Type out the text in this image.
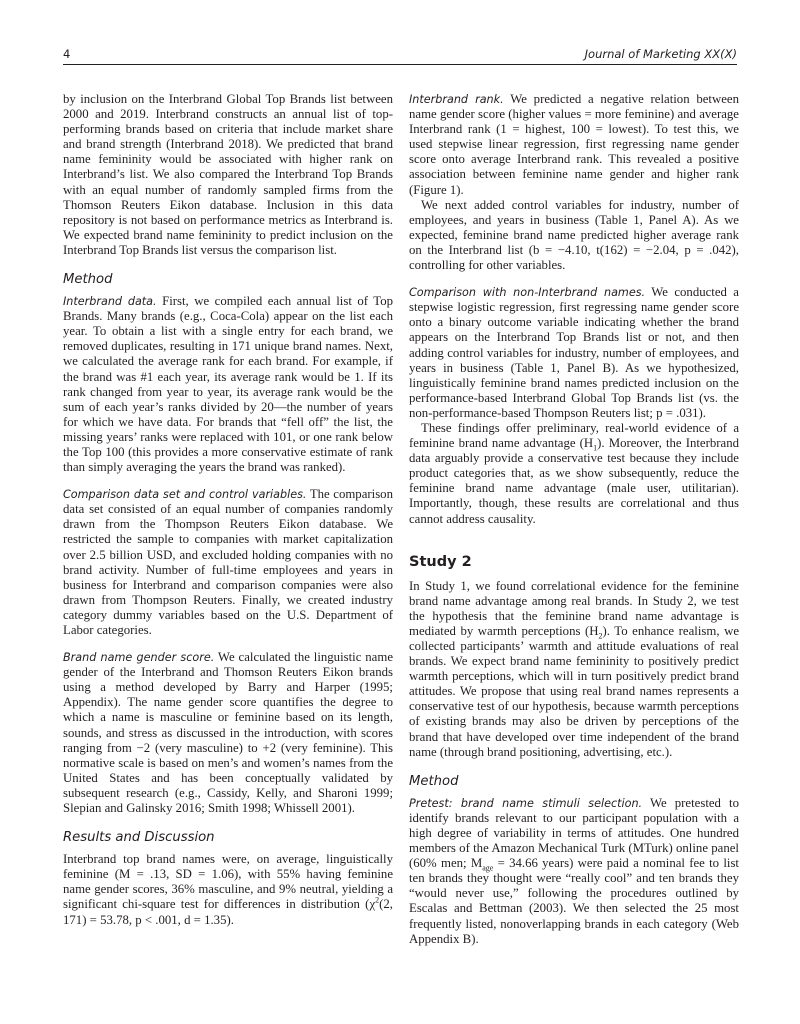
4	Journal of Marketing XX(X)

by inclusion on the Interbrand Global Top Brands list between 2000 and 2019. Interbrand constructs an annual list of top-performing brands based on criteria that include market share and brand strength (Interbrand 2018). We predicted that brand name femininity would be associated with higher rank on Interbrand’s list. We also compared the Interbrand Top Brands with an equal number of randomly sampled firms from the Thomson Reuters Eikon database. Inclusion in this data repository is not based on performance metrics as Interbrand is. We expected brand name femininity to predict inclusion on the Interbrand Top Brands list versus the comparison list.

Method

Interbrand data. First, we compiled each annual list of Top Brands. Many brands (e.g., Coca-Cola) appear on the list each year. To obtain a list with a single entry for each brand, we removed duplicates, resulting in 171 unique brand names. Next, we calculated the average rank for each brand. For example, if the brand was #1 each year, its average rank would be 1. If its rank changed from year to year, its average rank would be the sum of each year’s ranks divided by 20—the number of years for which we have data. For brands that “fell off” the list, the missing years’ ranks were replaced with 101, or one rank below the Top 100 (this provides a more conservative estimate of rank than simply averaging the years the brand was ranked).

Comparison data set and control variables. The comparison data set consisted of an equal number of companies randomly drawn from the Thompson Reuters Eikon database. We restricted the sample to companies with market capitalization over 2.5 billion USD, and excluded holding companies with no brand activity. Number of full-time employees and years in business for Interbrand and comparison companies were also drawn from Thompson Reuters. Finally, we created industry category dummy variables based on the U.S. Department of Labor categories.

Brand name gender score. We calculated the linguistic name gender of the Interbrand and Thomson Reuters Eikon brands using a method developed by Barry and Harper (1995; Appendix). The name gender score quantifies the degree to which a name is masculine or feminine based on its length, sounds, and stress as discussed in the introduction, with scores ranging from −2 (very masculine) to +2 (very feminine). This normative scale is based on men’s and women’s names from the United States and has been conceptually validated by subsequent research (e.g., Cassidy, Kelly, and Sharoni 1999; Slepian and Galinsky 2016; Smith 1998; Whissell 2001).

Results and Discussion

Interbrand top brand names were, on average, linguistically feminine (M = .13, SD = 1.06), with 55% having feminine name gender scores, 36% masculine, and 9% neutral, yielding a significant chi-square test for differences in distribution ($\chi^2(2$, 171) = 53.78, p < .001, d = 1.35).

Interbrand rank. We predicted a negative relation between name gender score (higher values = more feminine) and average Interbrand rank (1 = highest, 100 = lowest). To test this, we used stepwise linear regression, first regressing name gender score onto average Interbrand rank. This revealed a positive association between feminine name gender and higher rank (Figure 1).

We next added control variables for industry, number of employees, and years in business (Table 1, Panel A). As we expected, feminine brand name predicted higher average rank on the Interbrand list (b = −4.10, t(162) = −2.04, p = .042), controlling for other variables.

Comparison with non-Interbrand names. We conducted a stepwise logistic regression, first regressing name gender score onto a binary outcome variable indicating whether the brand appears on the Interbrand Top Brands list or not, and then adding control variables for industry, number of employees, and years in business (Table 1, Panel B). As we hypothesized, linguistically feminine brand names predicted inclusion on the performance-based Interbrand Global Top Brands list (vs. the non-performance-based Thompson Reuters list; p = .031).

These findings offer preliminary, real-world evidence of a feminine brand name advantage $(H_1)$. Moreover, the Interbrand data arguably provide a conservative test because they include product categories that, as we show subsequently, reduce the feminine brand name advantage (male user, utilitarian). Importantly, though, these results are correlational and thus cannot address causality.

Study 2

In Study 1, we found correlational evidence for the feminine brand name advantage among real brands. In Study 2, we test the hypothesis that the feminine brand name advantage is mediated by warmth perceptions $(H_2)$. To enhance realism, we collected participants’ warmth and attitude evaluations of real brands. We expect brand name femininity to positively predict warmth perceptions, which will in turn positively predict brand attitudes. We propose that using real brand names represents a conservative test of our hypothesis, because warmth perceptions of existing brands may also be driven by perceptions of the brand that have developed over time independent of the brand name (through brand positioning, advertising, etc.).

Method

Pretest: brand name stimuli selection. We pretested to identify brands relevant to our participant population with a high degree of variability in terms of attitudes. One hundred members of the Amazon Mechanical Turk (MTurk) online panel (60% men; $M_{age} = 34.66$ years) were paid a nominal fee to list ten brands they thought were “really cool” and ten brands they “would never use,” following the procedures outlined by Escalas and Bettman (2003). We then selected the 25 most frequently listed, nonoverlapping brands in each category (Web Appendix B).
